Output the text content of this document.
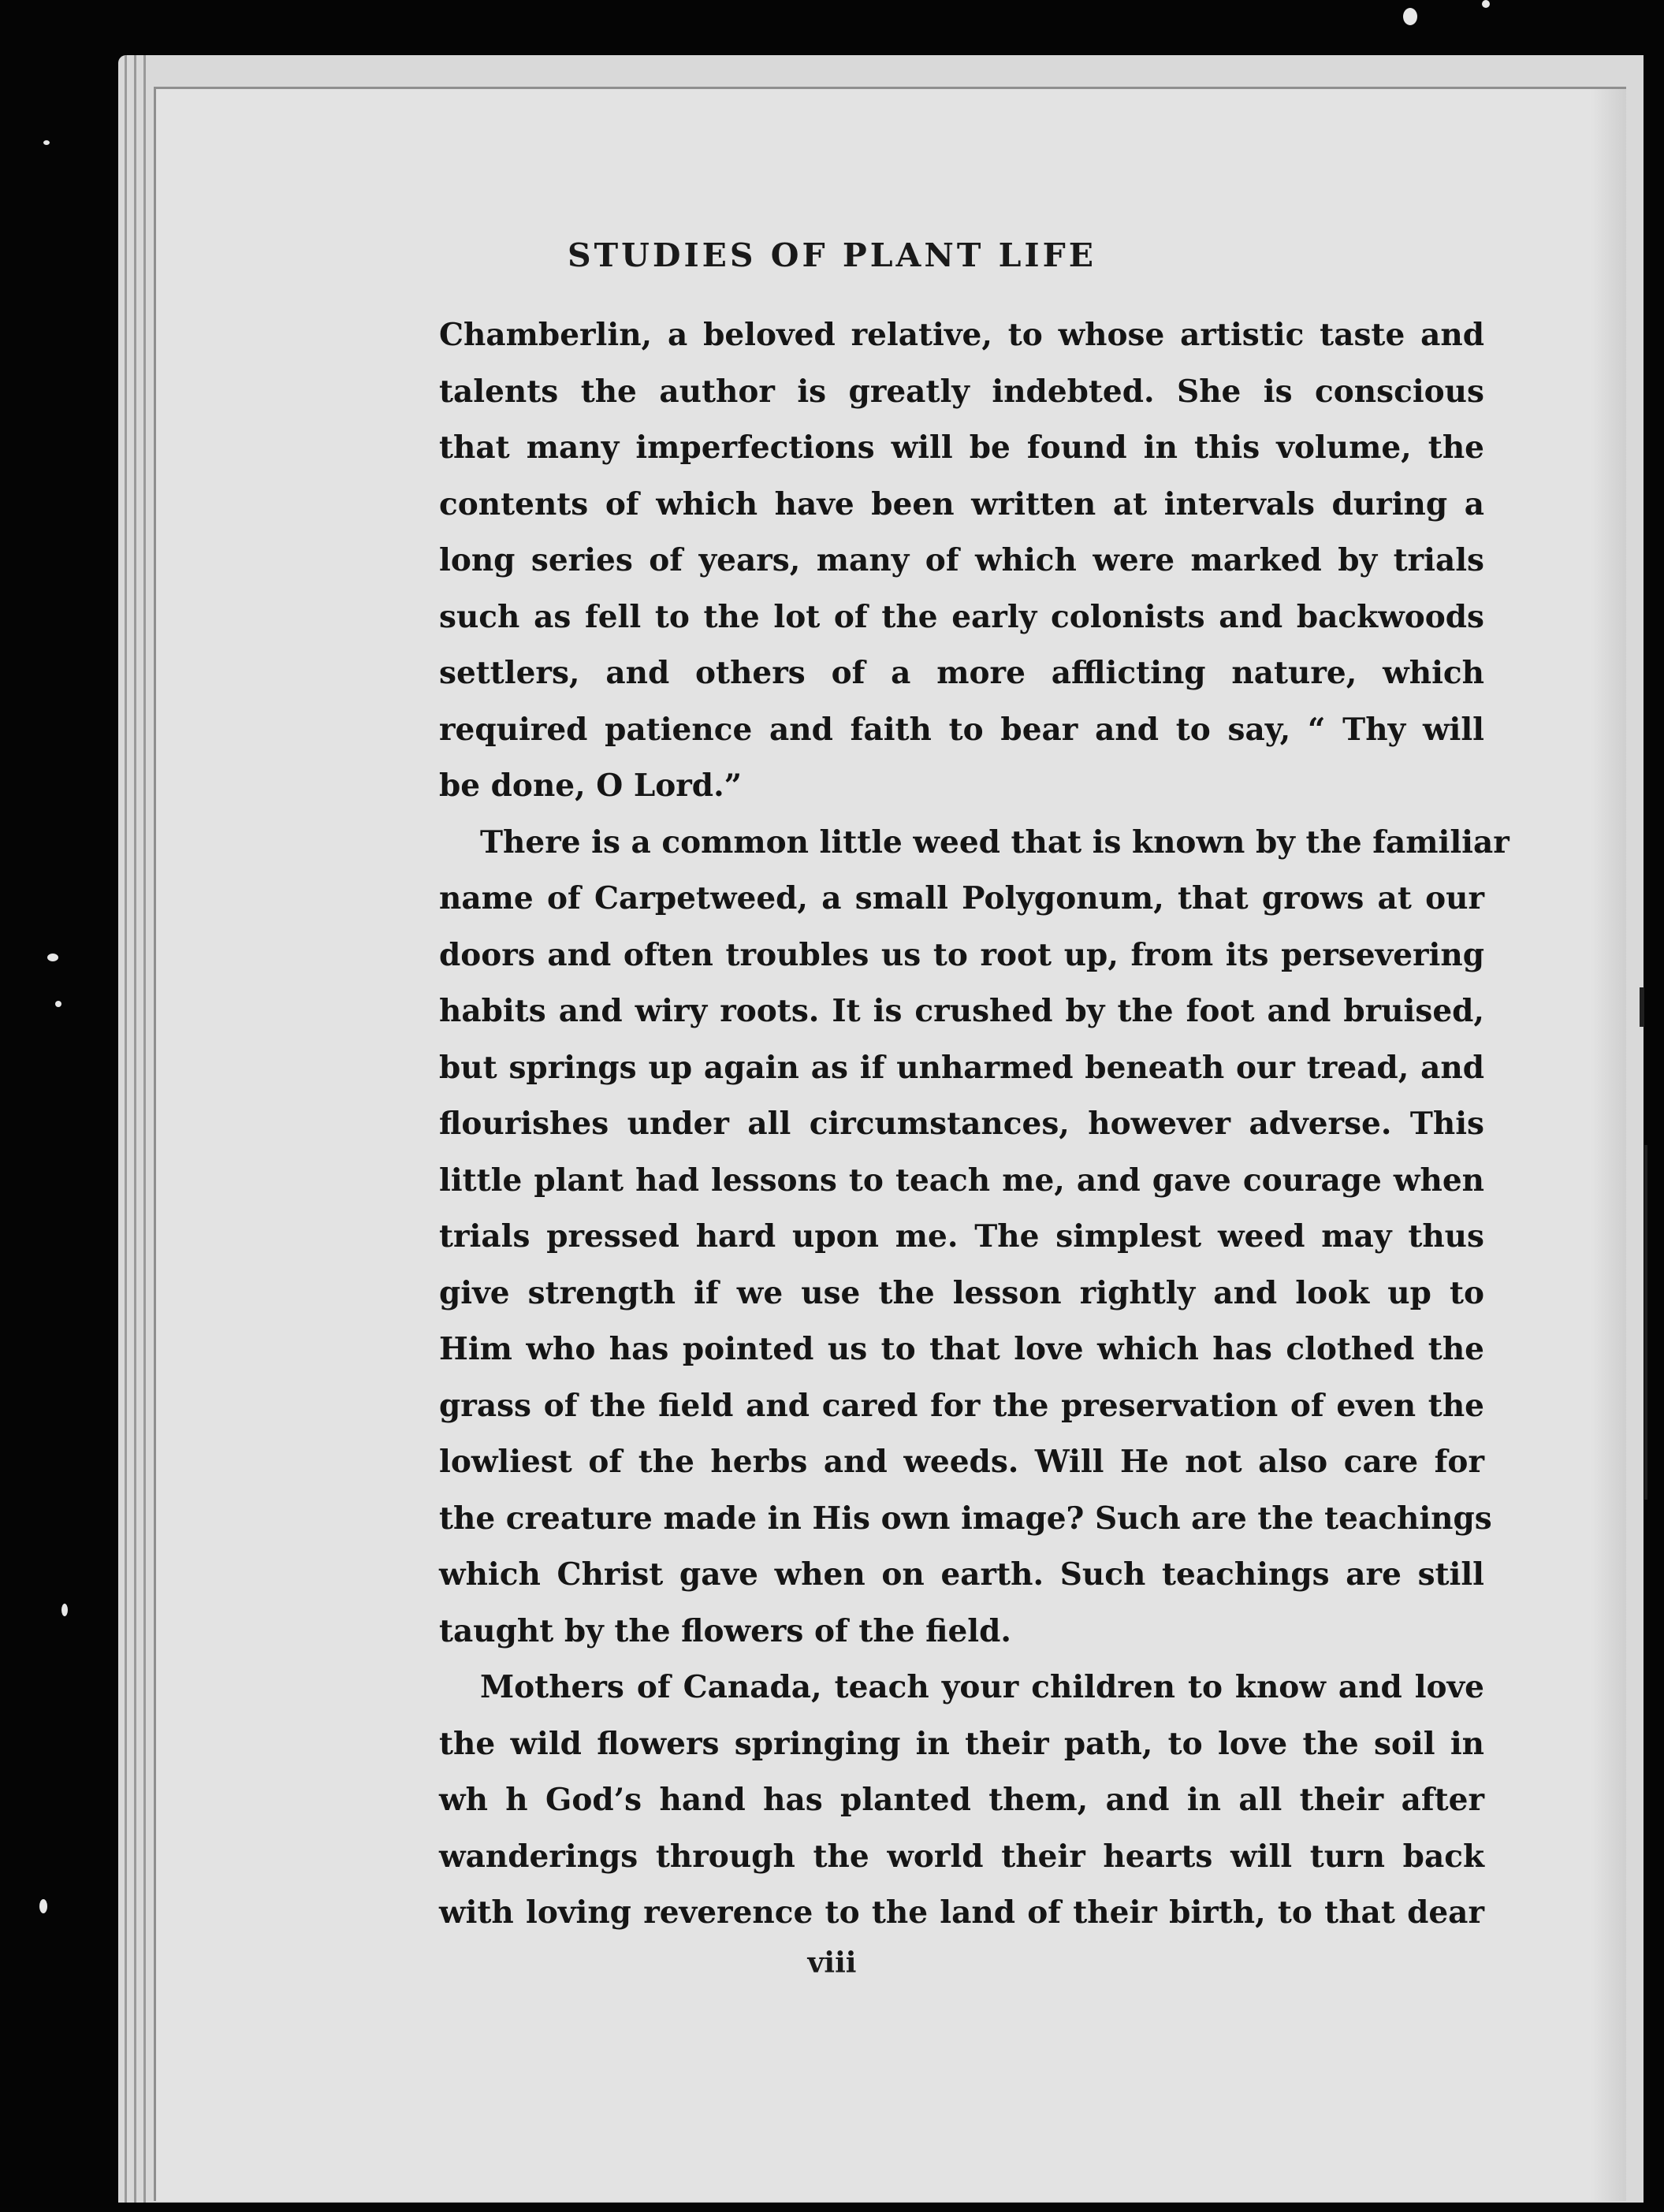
STUDIES OF PLANT LIFE
Chamberlin, a beloved relative, to whose artistic taste and
talents the author is greatly indebted. She is conscious
that many imperfections will be found in this volume, the
contents of which have been written at intervals during a
long series of years, many of which were marked by trials
such as fell to the lot of the early colonists and backwoods
settlers, and others of a more afflicting nature, which
required patience and faith to bear and to say, “ Thy will
be done, O Lord.”
There is a common little weed that is known by the familiar
name of Carpetweed, a small Polygonum, that grows at our
doors and often troubles us to root up, from its persevering
habits and wiry roots. It is crushed by the foot and bruised,
but springs up again as if unharmed beneath our tread, and
flourishes under all circumstances, however adverse. This
little plant had lessons to teach me, and gave courage when
trials pressed hard upon me. The simplest weed may thus
give strength if we use the lesson rightly and look up to
Him who has pointed us to that love which has clothed the
grass of the field and cared for the preservation of even the
lowliest of the herbs and weeds. Will He not also care for
the creature made in His own image? Such are the teachings
which Christ gave when on earth. Such teachings are still
taught by the flowers of the field.
Mothers of Canada, teach your children to know and love
the wild flowers springing in their path, to love the soil in
wh h God’s hand has planted them, and in all their after
wanderings through the world their hearts will turn back
with loving reverence to the land of their birth, to that dear
viii
